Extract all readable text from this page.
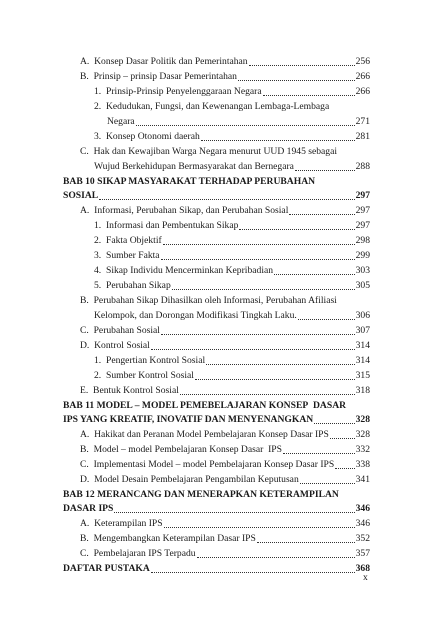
A.  Konsep Dasar Politik dan Pemerintahan	256
B.  Prinsip – prinsip Dasar Pemerintahan	266
1.  Prinsip-Prinsip Penyelenggaraan Negara	266
2.  Kedudukan, Fungsi, dan Kewenangan Lembaga-Lembaga
Negara	271
3.  Konsep Otonomi daerah	281
C.  Hak dan Kewajiban Warga Negara menurut UUD 1945 sebagai
Wujud Berkehidupan Bermasyarakat dan Bernegara	288
BAB 10 SIKAP MASYARAKAT TERHADAP PERUBAHAN
SOSIAL	297
A.  Informasi, Perubahan Sikap, dan Perubahan Sosial	297
1.  Informasi dan Pembentukan Sikap	297
2.  Fakta Objektif	298
3.  Sumber Fakta	299
4.  Sikap Individu Mencerminkan Kepribadian	303
5.  Perubahan Sikap	305
B.  Perubahan Sikap Dihasilkan oleh Informasi, Perubahan Afiliasi
Kelompok, dan Dorongan Modifikasi Tingkah Laku.	306
C.  Perubahan Sosial	307
D.  Kontrol Sosial	314
1.  Pengertian Kontrol Sosial	314
2.  Sumber Kontrol Sosial	315
E.  Bentuk Kontrol Sosial	318
BAB 11 MODEL – MODEL PEMEBELAJARAN KONSEP  DASAR
IPS YANG KREATIF, INOVATIF DAN MENYENANGKAN	328
A.  Hakikat dan Peranan Model Pembelajaran Konsep Dasar IPS	328
B.  Model – model Pembelajaran Konsep Dasar  IPS	332
C.  Implementasi Model – model Pembelajaran Konsep Dasar IPS 338
D.  Model Desain Pembelajaran Pengambilan Keputusan	341
BAB 12 MERANCANG DAN MENERAPKAN KETERAMPILAN
DASAR IPS	346
A.  Keterampilan IPS	346
B.  Mengembangkan Keterampilan Dasar IPS	352
C.  Pembelajaran IPS Terpadu	357
DAFTAR PUSTAKA	368
x
